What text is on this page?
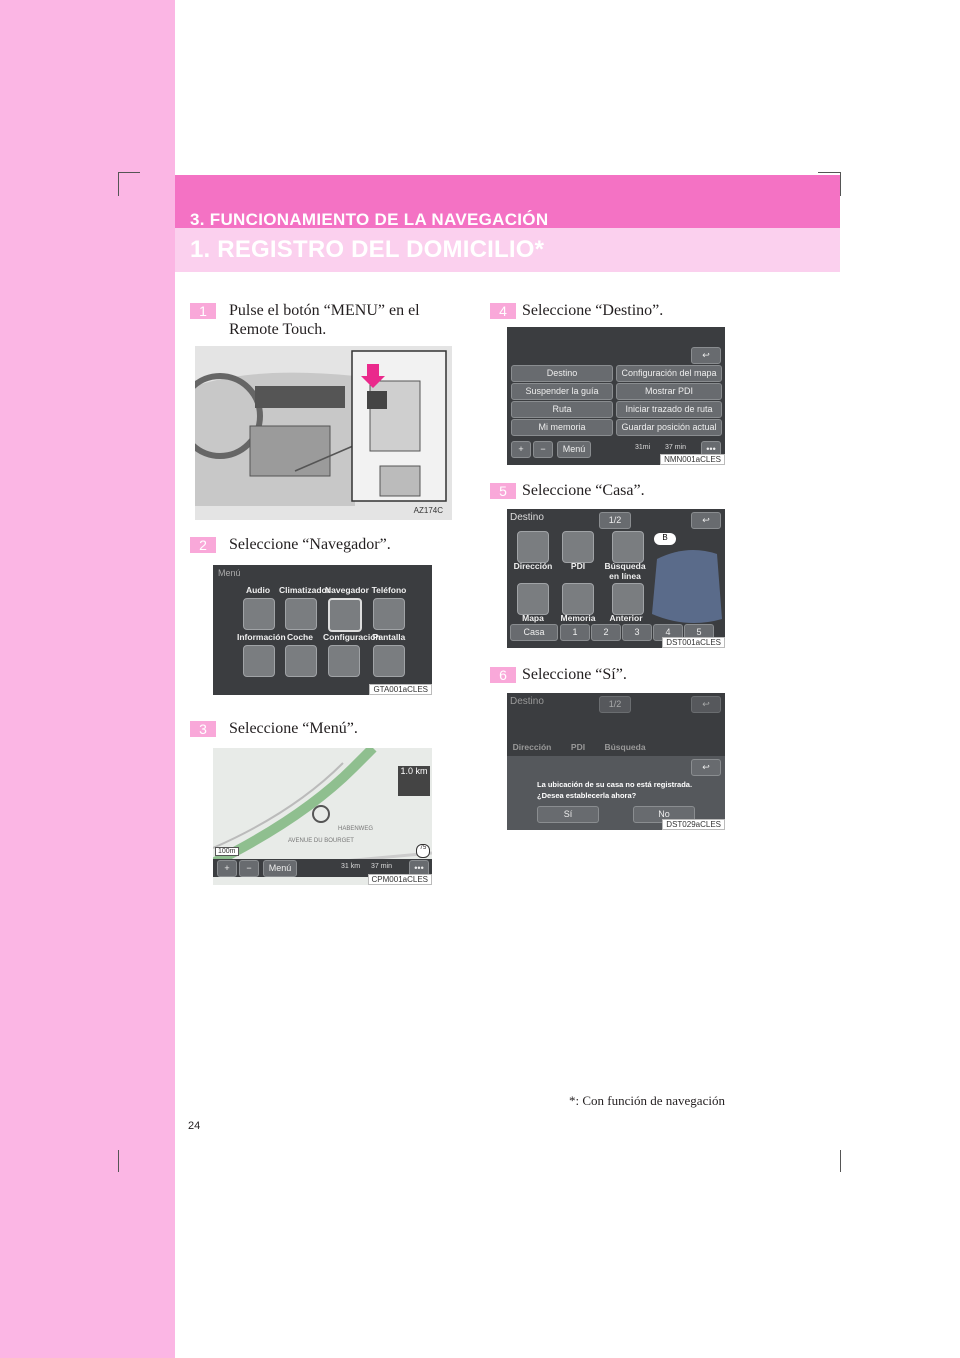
3. FUNCIONAMIENTO DE LA NAVEGACIÓN
1. REGISTRO DEL DOMICILIO*
1	Pulse el botón “MENU” en el Remote Touch.
AZ174C
2	Seleccione “Navegador”.
Menú
Audio	Climatizador
Navegador Teléfono
Información Coche	Configuración
Pantalla
GTA001aCLES
3	Seleccione “Menú”.
1.0 km
HABENWEG
AVENUE DU BOURGET
100m	75
+	−	Menú	31 km 37 min	•••
CPM001aCLES
4 Seleccione “Destino”.
↩
Destino	Configuración del mapa
Suspender la guía	Mostrar PDI
Ruta	Iniciar trazado de ruta
Mi memoria	Guardar posición actual
+	−	Menú	31mi 37 min	•••
NMN001aCLES
5 Seleccione “Casa”.
Destino	1/2	↩
B
Dirección	PDI	Búsqueda en línea
Mapa	Memoria	Anterior
Casa	1	2	3	4	5
DST001aCLES
6 Seleccione “Sí”.
Destino	1/2	↩
Dirección	PDI	Búsqueda
↩
La ubicación de su casa no está registrada.
¿Desea establecerla ahora?
Sí	No
DST029aCLES
*: Con función de navegación
24
